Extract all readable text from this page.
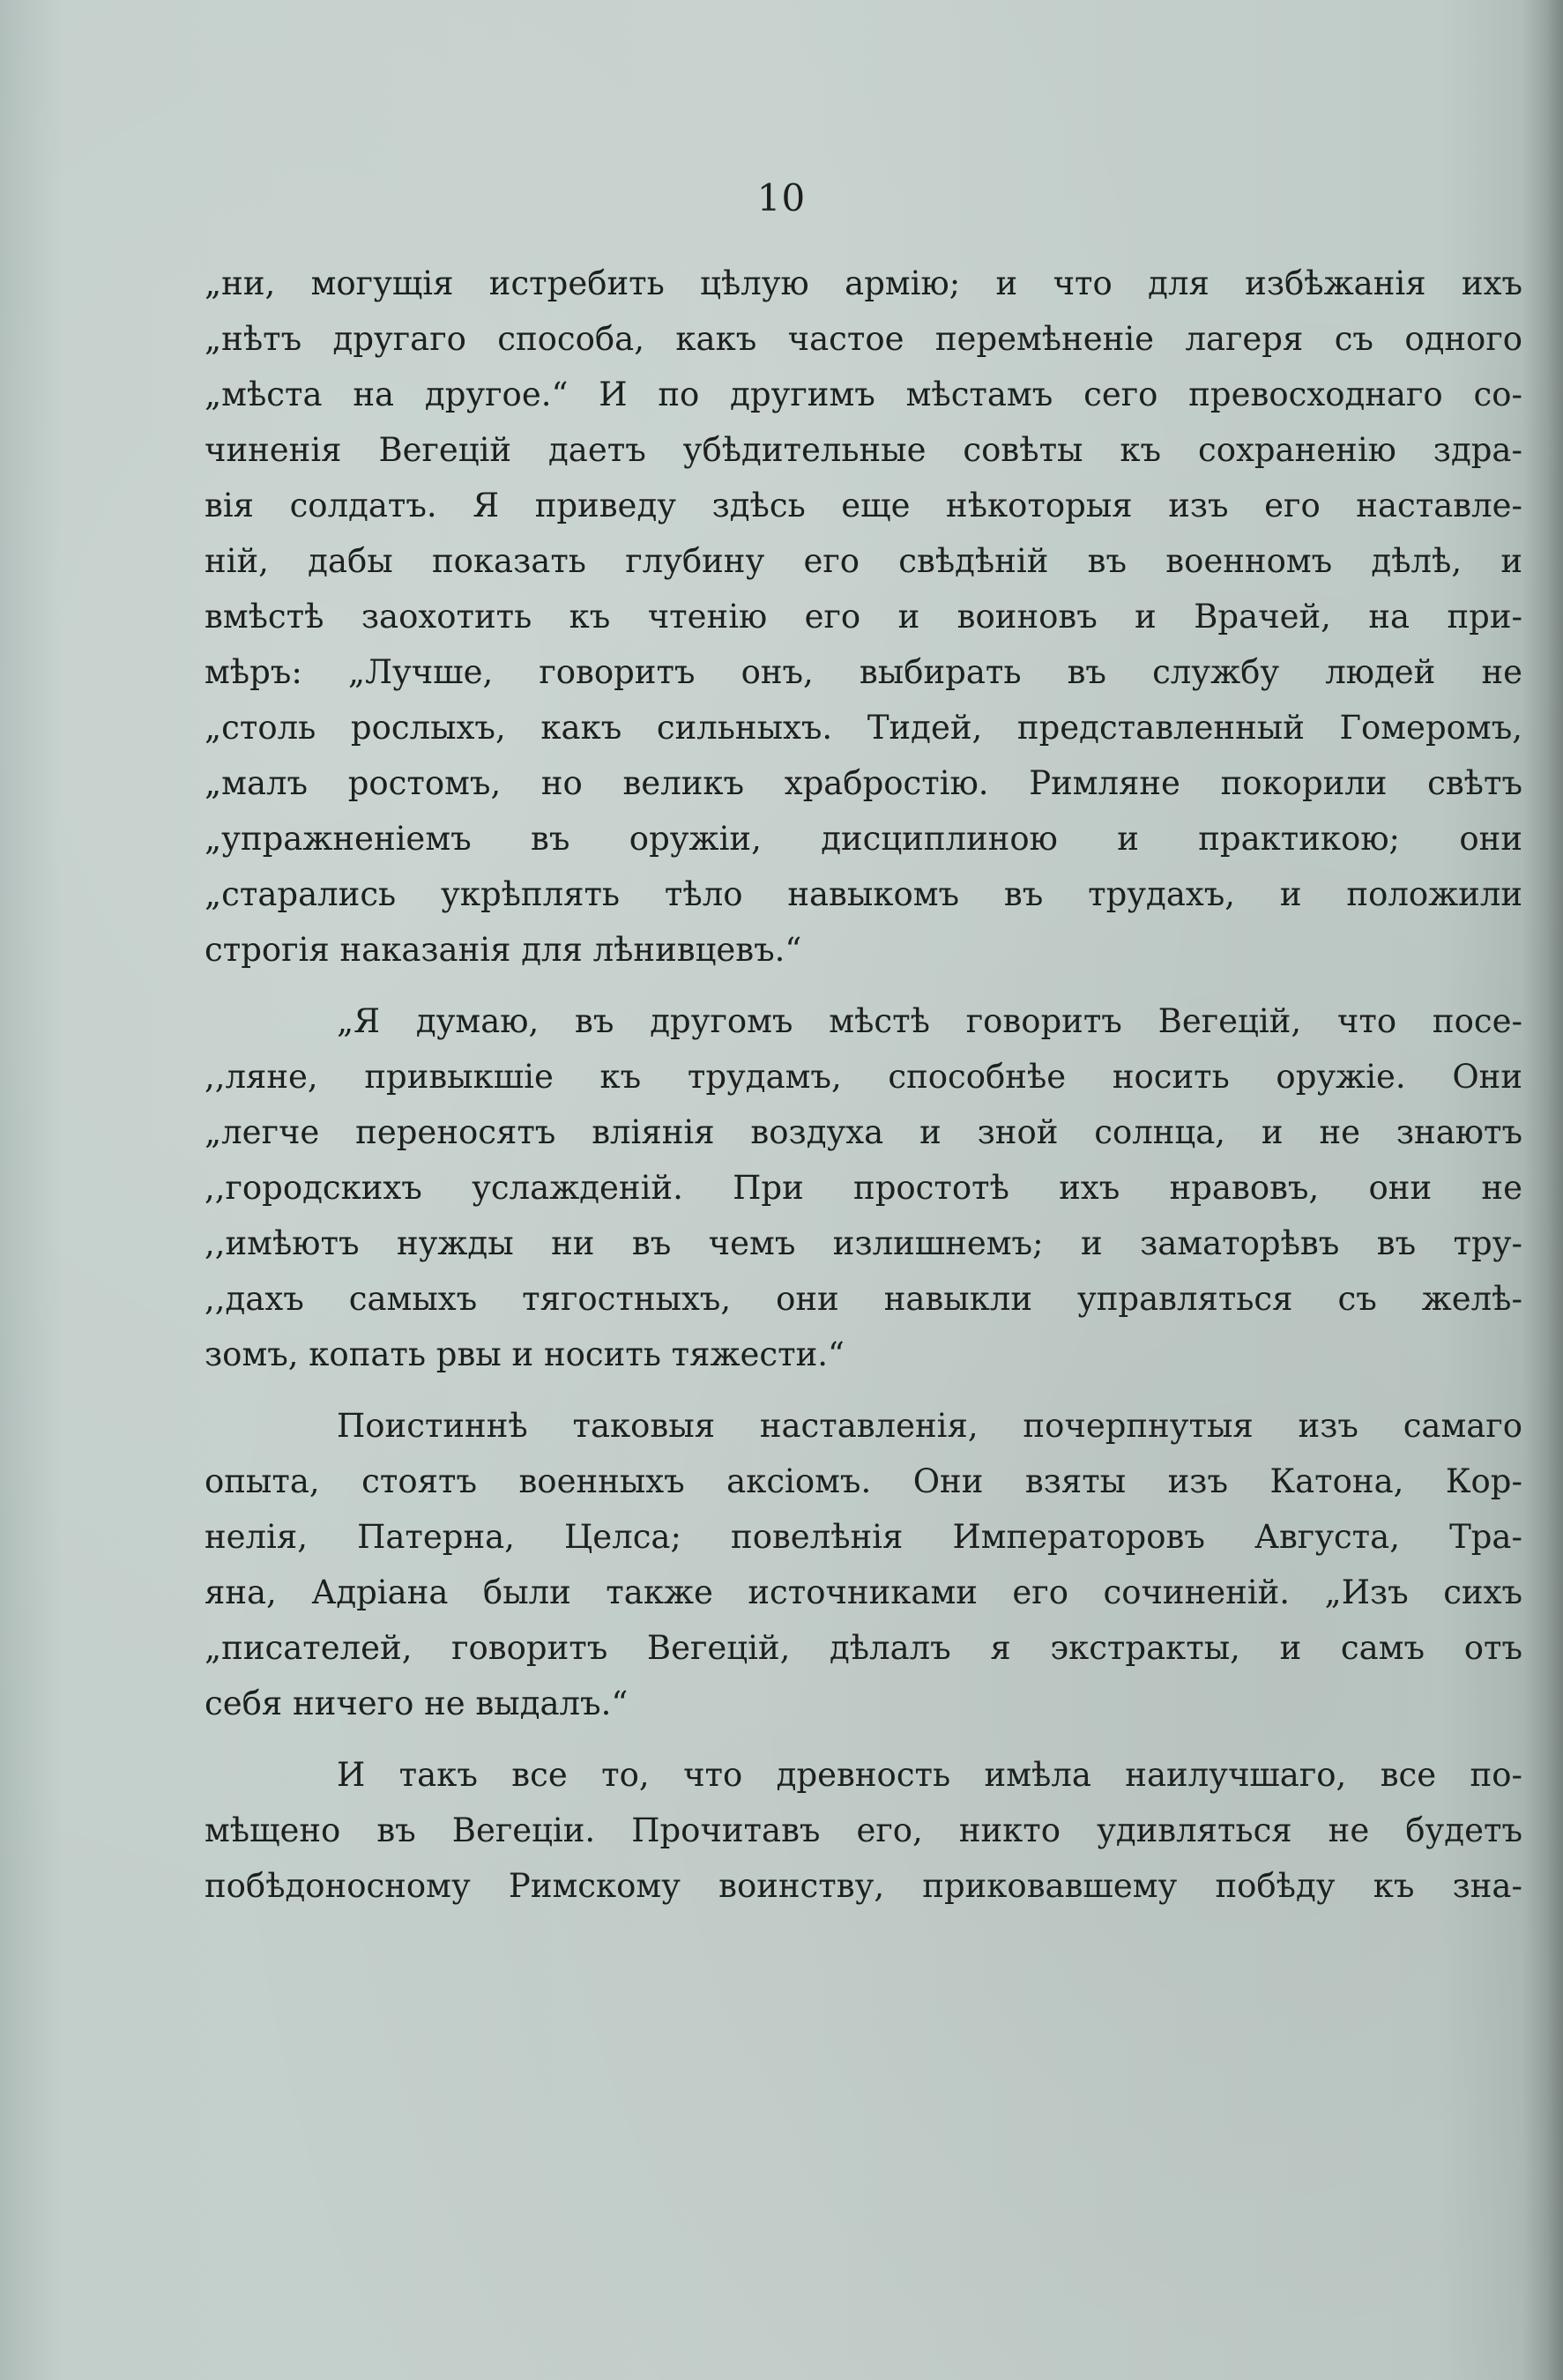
10
„ни, могущія истребить цѣлую армію; и что для избѣжанія ихъ
„нѣтъ другаго способа, какъ частое перемѣненіе лагеря съ одного
„мѣста на другое.“ И по другимъ мѣстамъ сего превосходнаго со-
чиненія Вегецій даетъ убѣдительные совѣты къ сохраненію здра-
вія солдатъ. Я приведу здѣсь еще нѣкоторыя изъ его наставле-
ній, дабы показать глубину его свѣдѣній въ военномъ дѣлѣ, и
вмѣстѣ заохотить къ чтенію его и воиновъ и Врачей, на при-
мѣръ: „Лучше, говоритъ онъ, выбирать въ службу людей не
„столь рослыхъ, какъ сильныхъ. Тидей, представленный Гомеромъ,
„малъ ростомъ, но великъ храбростію. Римляне покорили свѣтъ
„упражненіемъ въ оружіи, дисциплиною и практикою; они
„старались укрѣплять тѣло навыкомъ въ трудахъ, и положили
строгія наказанія для лѣнивцевъ.“
„Я думаю, въ другомъ мѣстѣ говоритъ Вегецій, что посе-
,,ляне, привыкшіе къ трудамъ, способнѣе носить оружіе. Они
„легче переносятъ вліянія воздуха и зной солнца, и не знаютъ
,,городскихъ услажденій. При простотѣ ихъ нравовъ, они не
,,имѣютъ нужды ни въ чемъ излишнемъ; и заматорѣвъ въ тру-
,,дахъ самыхъ тягостныхъ, они навыкли управляться съ желѣ-
зомъ, копать рвы и носить тяжести.“
Поистиннѣ таковыя наставленія, почерпнутыя изъ самаго
опыта, стоятъ военныхъ аксіомъ. Они взяты изъ Катона, Кор-
нелія, Патерна, Целса; повелѣнія Императоровъ Августа, Тра-
яна, Адріана были также источниками его сочиненій. „Изъ сихъ
„писателей, говоритъ Вегецій, дѣлалъ я экстракты, и самъ отъ
себя ничего не выдалъ.“
И такъ все то, что древность имѣла наилучшаго, все по-
мѣщено въ Вегеціи. Прочитавъ его, никто удивляться не будетъ
побѣдоносному Римскому воинству, приковавшему побѣду къ зна-
